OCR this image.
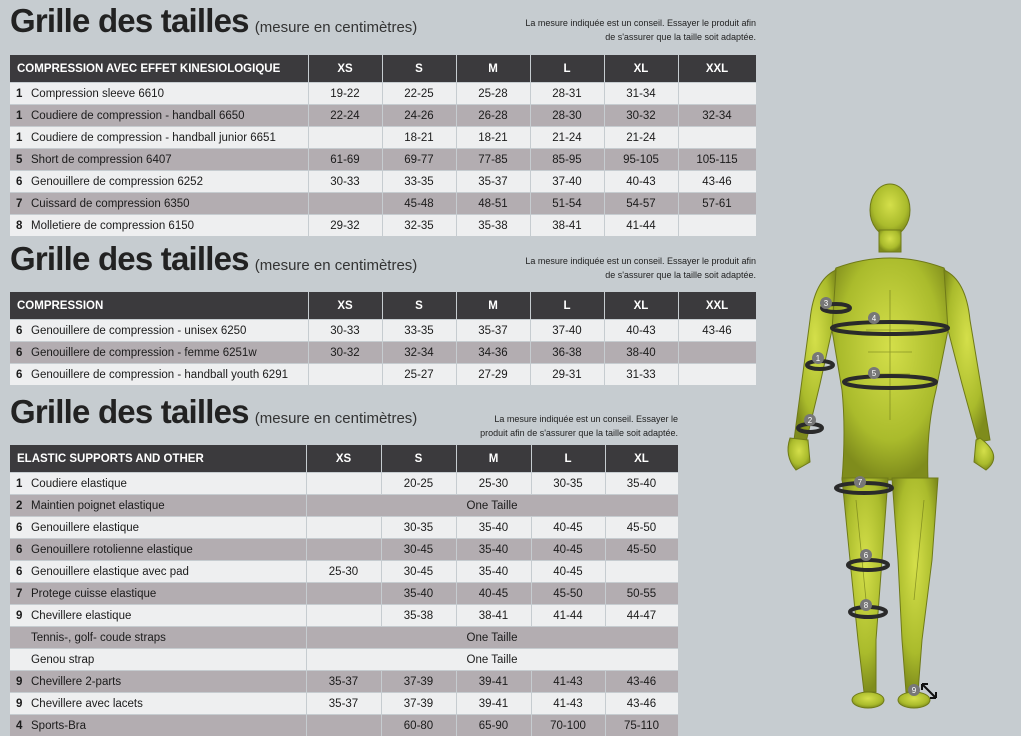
Grille des tailles (mesure en centimètres)	La mesure indiquée est un conseil. Essayer le produit afin
de s'assurer que la taille soit adaptée.
COMPRESSION AVEC EFFET KINESIOLOGIQUE	XS	S	M	L	XL	XXL
1 Compression sleeve 6610	19-22	22-25	25-28	28-31	31-34	
1 Coudiere de compression - handball 6650	22-24	24-26	26-28	28-30	30-32	32-34
1 Coudiere de compression - handball junior 6651		18-21	18-21	21-24	21-24	
5 Short de compression 6407	61-69	69-77	77-85	85-95	95-105	105-115
6 Genouillere de compression 6252	30-33	33-35	35-37	37-40	40-43	43-46
7 Cuissard de compression 6350		45-48	48-51	51-54	54-57	57-61
8 Molletiere de compression 6150	29-32	32-35	35-38	38-41	41-44	
Grille des tailles (mesure en centimètres)	La mesure indiquée est un conseil. Essayer le produit afin
de s'assurer que la taille soit adaptée.
COMPRESSION	XS	S	M	L	XL	XXL
6 Genouillere de compression - unisex 6250	30-33	33-35	35-37	37-40	40-43	43-46
6 Genouillere de compression - femme 6251w	30-32	32-34	34-36	36-38	38-40	
6 Genouillere de compression - handball youth 6291		25-27	27-29	29-31	31-33	
Grille des tailles (mesure en centimètres)	La mesure indiquée est un conseil. Essayer le
produit afin de s'assurer que la taille soit adaptée.
ELASTIC SUPPORTS AND OTHER	XS	S	M	L	XL
1 Coudiere elastique		20-25	25-30	30-35	35-40
2 Maintien poignet elastique	One Taille				
6 Genouillere elastique		30-35	35-40	40-45	45-50
6 Genouillere rotolienne elastique		30-45	35-40	40-45	45-50
6 Genouillere elastique avec pad	25-30	30-45	35-40	40-45	
7 Protege cuisse elastique		35-40	40-45	45-50	50-55
9 Chevillere elastique		35-38	38-41	41-44	44-47
Tennis-, golf- coude straps	One Taille				
Genou strap	One Taille				
9 Chevillere 2-parts	35-37	37-39	39-41	41-43	43-46
9 Chevillere avec lacets	35-37	37-39	39-41	41-43	43-46
4 Sports-Bra		60-80	65-90	70-100	75-110
3
4
1
5
2
7
6
8
9
